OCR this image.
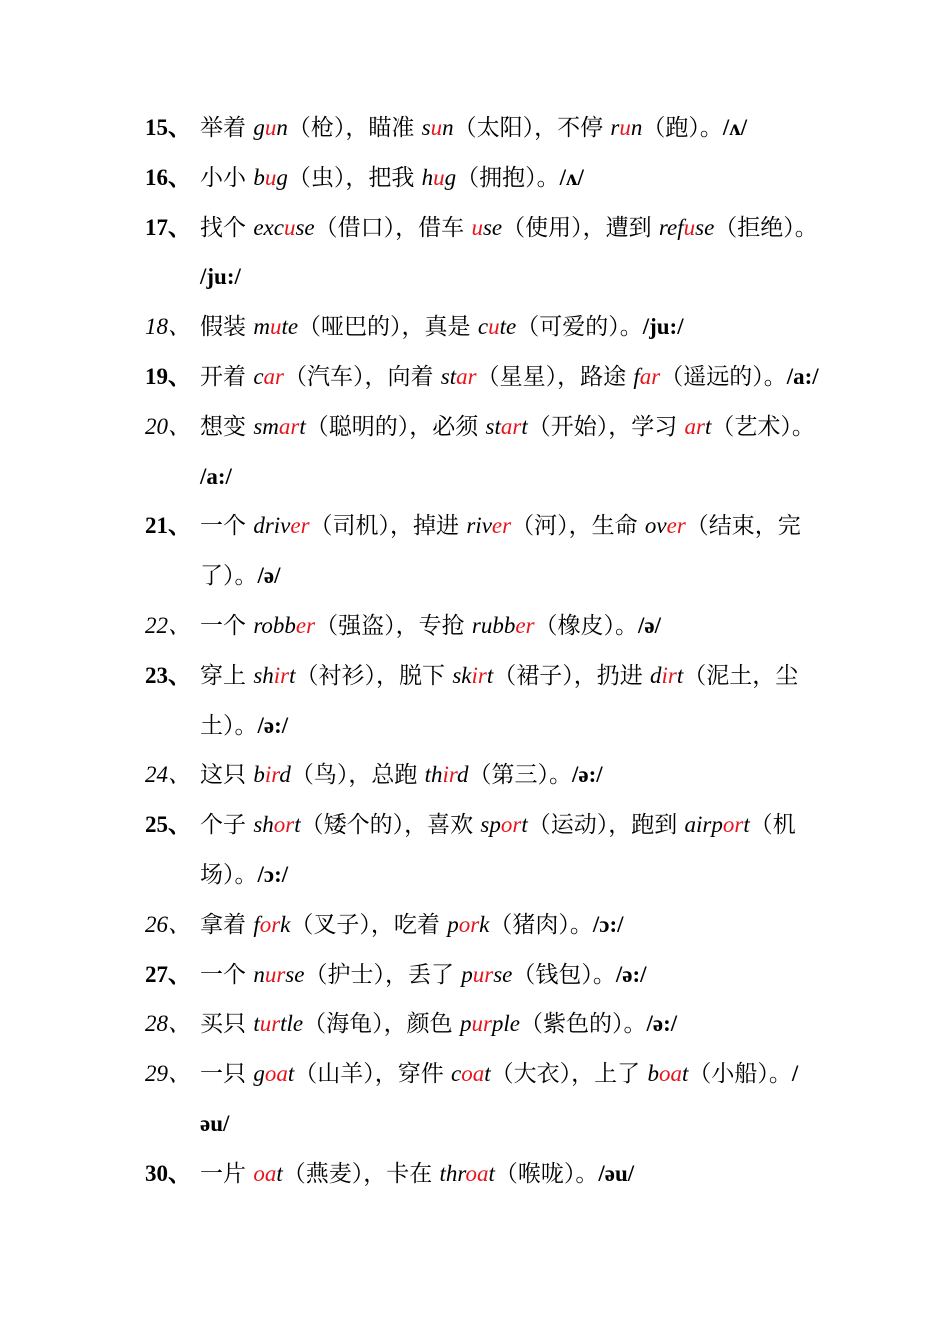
15、 举着 gun（枪），瞄准 sun（太阳），不停 run（跑）。/ʌ/
16、 小小 bug（虫），把我 hug（拥抱）。/ʌ/
17、 找个 excuse（借口），借车 use（使用），遭到 refuse（拒绝）。
/ju:/
18、 假装 mute（哑巴的），真是 cute（可爱的）。/ju:/
19、 开着 car（汽车），向着 star（星星），路途 far（遥远的）。/a:/
20、 想变 smart（聪明的），必须 start（开始），学习 art（艺术）。
/a:/
21、 一个 driver（司机），掉进 river（河），生命 over（结束，完
了）。/ə/
22、 一个 robber（强盗），专抢 rubber（橡皮）。/ə/
23、 穿上 shirt（衬衫），脱下 skirt（裙子），扔进 dirt（泥土，尘
土）。/ə:/
24、 这只 bird（鸟），总跑 third（第三）。/ə:/
25、 个子 short（矮个的），喜欢 sport（运动），跑到 airport（机
场）。/ɔ:/
26、 拿着 fork（叉子），吃着 pork（猪肉）。/ɔ:/
27、 一个 nurse（护士），丢了 purse（钱包）。/ə:/
28、 买只 turtle（海龟），颜色 purple（紫色的）。/ə:/
29、 一只 goat（山羊），穿件 coat（大衣），上了 boat（小船）。/
əu/
30、 一片 oat（燕麦），卡在 throat（喉咙）。/əu/
